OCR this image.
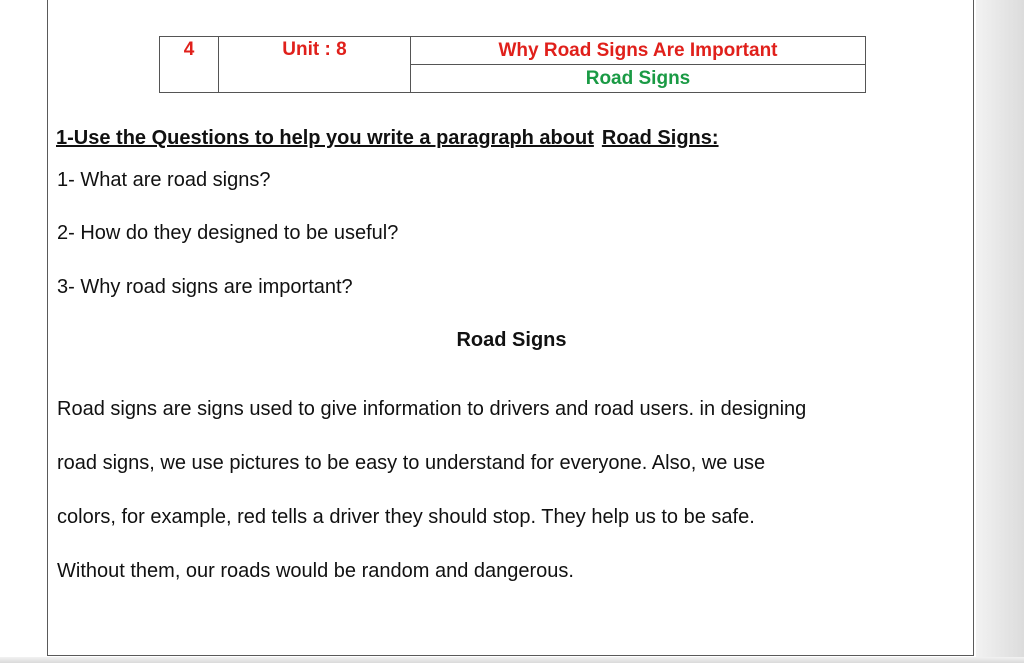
4	Unit : 8	Why Road Signs Are Important
Road Signs
1-Use the Questions to help you write a paragraph about Road Signs:
1- What are road signs?
2- How do they designed to be useful?
3- Why road signs are important?
Road Signs

Road signs are signs used to give information to drivers and road users. in designing

road signs, we use pictures to be easy to understand for everyone. Also, we use

colors, for example, red tells a driver they should stop. They help us to be safe.

Without them, our roads would be random and dangerous.
